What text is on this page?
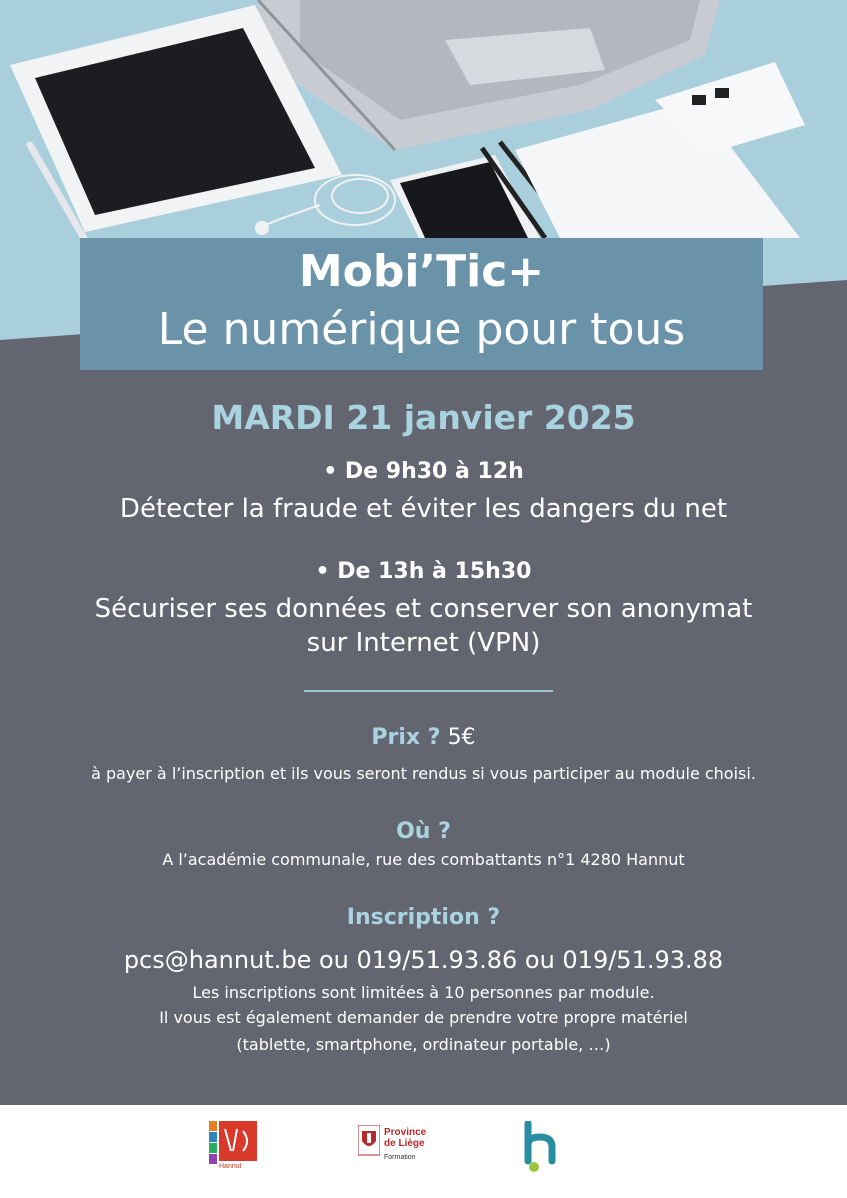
Mobi’Tic+
Le numérique pour tous
MARDI 21 janvier 2025
• De 9h30 à 12h
Détecter la fraude et éviter les dangers du net
• De 13h à 15h30
Sécuriser ses données et conserver son anonymat
sur Internet (VPN)
Prix ? 5€
à payer à l’inscription et ils vous seront rendus si vous participer au module choisi.
Où ?
A l’académie communale, rue des combattants n°1 4280 Hannut
Inscription ?
pcs@hannut.be ou 019/51.93.86 ou 019/51.93.88
Les inscriptions sont limitées à 10 personnes par module.
Il vous est également demander de prendre votre propre matériel
(tablette, smartphone, ordinateur portable, …)
Hannut
Province
de Liège
Formation
